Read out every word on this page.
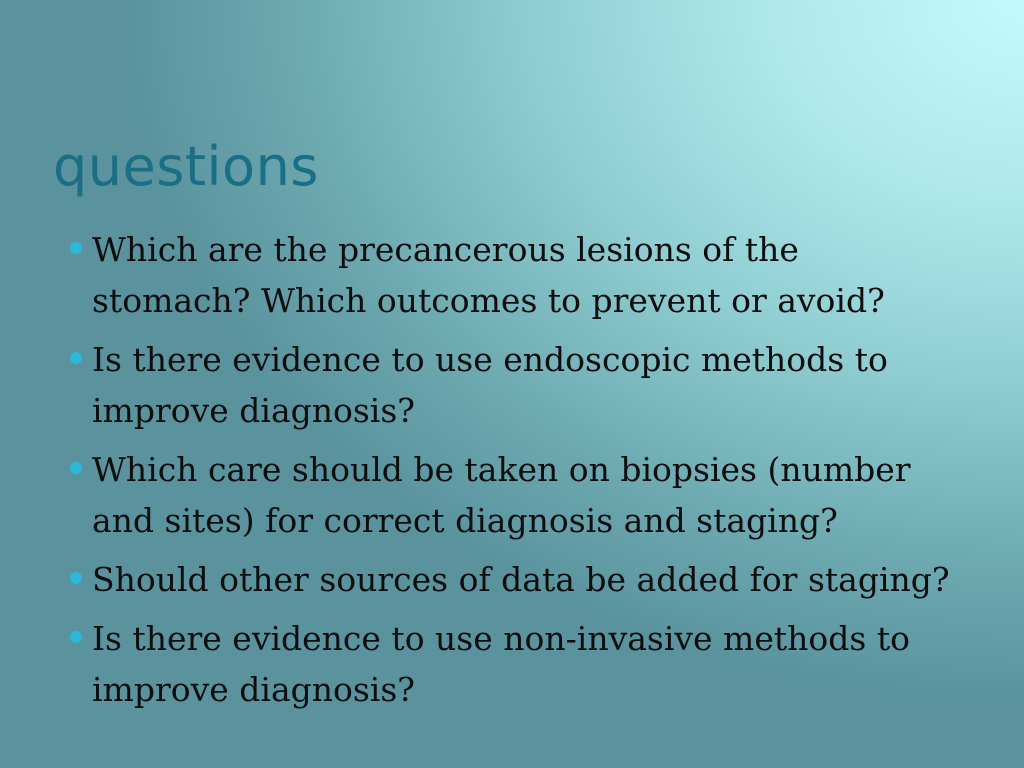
questions
Which are the precancerous lesions of the stomach? Which outcomes to prevent or avoid?
Is there evidence to use endoscopic methods to improve diagnosis?
Which care should be taken on biopsies (number and sites) for correct diagnosis and staging?
Should other sources of data be added for staging?
Is there evidence to use non-invasive methods to improve diagnosis?
